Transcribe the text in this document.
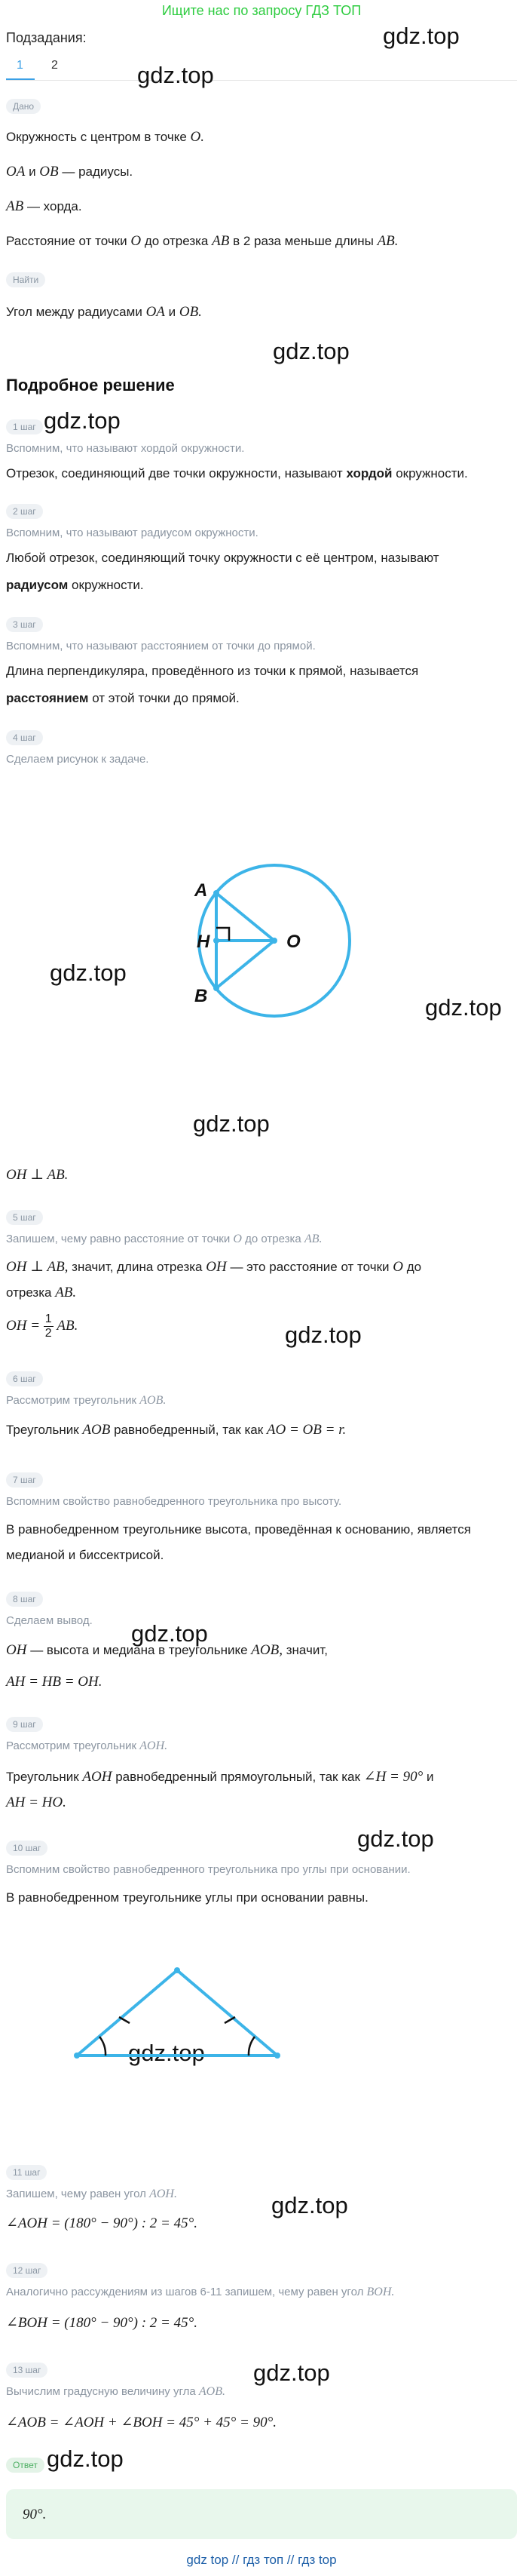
Ищите нас по запросу ГДЗ ТОП
Подзадания:
1 2	gdz.top
gdz.top
gdz.top
gdz.top
gdz.top
gdz.top
gdz.top
gdz.top
gdz.top
gdz.top
gdz.top
gdz.top
gdz.top
gdz.top
Дано
Окружность с центром в точке O.
OA и OB — радиусы.
AB — хорда.
Расстояние от точки O до отрезка AB в 2 раза меньше длины AB.
Найти
Угол между радиусами OA и OB.
Подробное решение
1 шаг
Вспомним, что называют хордой окружности.
Отрезок, соединяющий две точки окружности, называют хордой окружности.
2 шаг
Вспомним, что называют радиусом окружности.
Любой отрезок, соединяющий точку окружности с её центром, называют
радиусом окружности.
3 шаг
Вспомним, что называют расстоянием от точки до прямой.
Длина перпендикуляра, проведённого из точки к прямой, называется
расстоянием от этой точки до прямой.
4 шаг
Сделаем рисунок к задаче.
A
H	O
B
OH ⊥ AB.
5 шаг
Запишем, чему равно расстояние от точки O до отрезка AB.
OH ⊥ AB, значит, длина отрезка OH — это расстояние от точки O до
отрезка AB.
OH = $\frac{1}{2}$ AB.
6 шаг
Рассмотрим треугольник AOB.
Треугольник AOB равнобедренный, так как AO = OB = r.
7 шаг
Вспомним свойство равнобедренного треугольника про высоту.
В равнобедренном треугольнике высота, проведённая к основанию, является
медианой и биссектрисой.
8 шаг
Сделаем вывод.
OH — высота и медиана в треугольнике AOB, значит,
AH = HB = OH.
9 шаг
Рассмотрим треугольник AOH.
Треугольник AOH равнобедренный прямоугольный, так как ∠H = 90° и
AH = HO.
10 шаг
Вспомним свойство равнобедренного треугольника про углы при основании.
В равнобедренном треугольнике углы при основании равны.
11 шаг
Запишем, чему равен угол AOH.
∠AOH = (180° − 90°) : 2 = 45°.
12 шаг
Аналогично рассуждениям из шагов 6-11 запишем, чему равен угол BOH.
∠BOH = (180° − 90°) : 2 = 45°.
13 шаг
Вычислим градусную величину угла AOB.
∠AOB = ∠AOH + ∠BOH = 45° + 45° = 90°.
Ответ
90°.
gdz top // гдз топ // гдз top
